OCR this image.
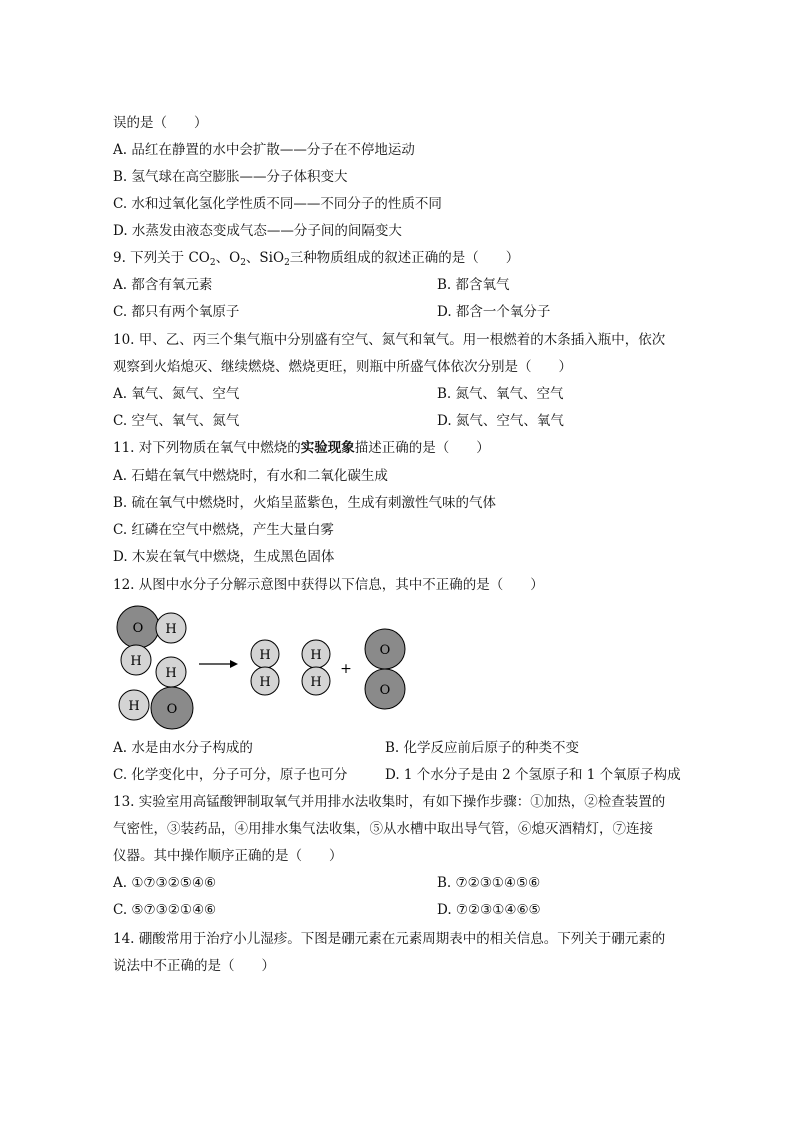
误的是（　　）
A. 品红在静置的水中会扩散——分子在不停地运动
B. 氢气球在高空膨胀——分子体积变大
C. 水和过氧化氢化学性质不同——不同分子的性质不同
D. 水蒸发由液态变成气态——分子间的间隔变大
9. 下列关于 $CO_2$、$O_2$、SiO$_2$三种物质组成的叙述正确的是（　　）
A. 都含有氧元素	B. 都含氧气
C. 都只有两个氧原子	D. 都含一个氧分子
10. 甲、乙、丙三个集气瓶中分别盛有空气、氮气和氧气。用一根燃着的木条插入瓶中，依次
观察到火焰熄灭、继续燃烧、燃烧更旺，则瓶中所盛气体依次分别是（　　）
A. 氧气、氮气、空气	B. 氮气、氧气、空气
C. 空气、氧气、氮气	D. 氮气、空气、氧气
11. 对下列物质在氧气中燃烧的实验现象描述正确的是（　　）
A. 石蜡在氧气中燃烧时，有水和二氧化碳生成
B. 硫在氧气中燃烧时，火焰呈蓝紫色，生成有刺激性气味的气体
C. 红磷在空气中燃烧，产生大量白雾
D. 木炭在氧气中燃烧，生成黑色固体
12. 从图中水分子分解示意图中获得以下信息，其中不正确的是（　　）
O H
H
H
H O
H
H
H
H
+
O
O
A. 水是由水分子构成的	B. 化学反应前后原子的种类不变
C. 化学变化中，分子可分，原子也可分	D. 1 个水分子是由 2 个氢原子和 1 个氧原子构成
13. 实验室用高锰酸钾制取氧气并用排水法收集时，有如下操作步骤：①加热，②检查装置的
气密性，③装药品，④用排水集气法收集，⑤从水槽中取出导气管，⑥熄灭酒精灯，⑦连接
仪器。其中操作顺序正确的是（　　）
A. ①⑦③②⑤④⑥	B. ⑦②③①④⑤⑥
C. ⑤⑦③②①④⑥	D. ⑦②③①④⑥⑤
14. 硼酸常用于治疗小儿湿疹。下图是硼元素在元素周期表中的相关信息。下列关于硼元素的
说法中不正确的是（　　）
